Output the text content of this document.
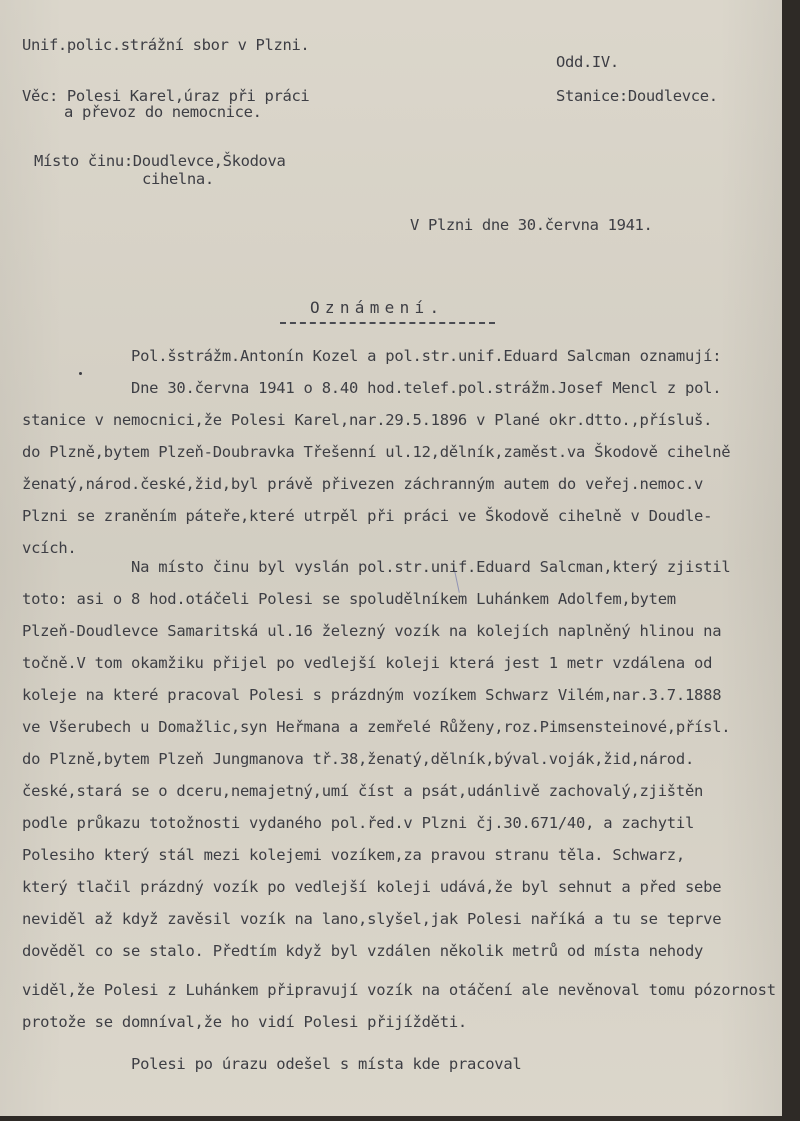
Unif.polic.strážní sbor v Plzni.
Odd.IV.
Věc: Polesi Karel,úraz při práci	Stanice:Doudlevce.
a převoz do nemocnice.
Místo činu:Doudlevce,Škodova
cihelna.
V Plzni dne 30.června 1941.
Oznámení.
Pol.šstrážm.Antonín Kozel a pol.str.unif.Eduard Salcman oznamují:
Dne 30.června 1941 o 8.40 hod.telef.pol.strážm.Josef Mencl z pol.
stanice v nemocnici,že Polesi Karel,nar.29.5.1896 v Plané okr.dtto.,přísluš.
do Plzně,bytem Plzeň-Doubravka Třešenní ul.12,dělník,zaměst.va Škodově cihelně
ženatý,národ.české,žid,byl právě přivezen záchranným autem do veřej.nemoc.v
Plzni se zraněním páteře,které utrpěl při práci ve Škodově cihelně v Doudle-
vcích.
Na místo činu byl vyslán pol.str.unif.Eduard Salcman,který zjistil
toto: asi o 8 hod.otáčeli Polesi se spoludělníkem Luhánkem Adolfem,bytem
Plzeň-Doudlevce Samaritská ul.16 železný vozík na kolejích naplněný hlinou na
točně.V tom okamžiku přijel po vedlejší koleji která jest 1 metr vzdálena od
koleje na které pracoval Polesi s prázdným vozíkem Schwarz Vilém,nar.3.7.1888
ve Všerubech u Domažlic,syn Heřmana a zemřelé Růženy,roz.Pimsensteinové,přísl.
do Plzně,bytem Plzeň Jungmanova tř.38,ženatý,dělník,býval.voják,žid,národ.
české,stará se o dceru,nemajetný,umí číst a psát,udánlivě zachovalý,zjištěn
podle průkazu totožnosti vydaného pol.řed.v Plzni čj.30.671/40, a zachytil
Polesiho který stál mezi kolejemi vozíkem,za pravou stranu těla. Schwarz,
který tlačil prázdný vozík po vedlejší koleji udává,že byl sehnut a před sebe
neviděl až když zavěsil vozík na lano,slyšel,jak Polesi naříká a tu se teprve
dověděl co se stalo. Předtím když byl vzdálen několik metrů od místa nehody
viděl,že Polesi z Luhánkem připravují vozík na otáčení ale nevěnoval tomu pózornost protože se domníval,že ho vidí Polesi přijížděti.
Polesi po úrazu odešel s místa kde pracoval
